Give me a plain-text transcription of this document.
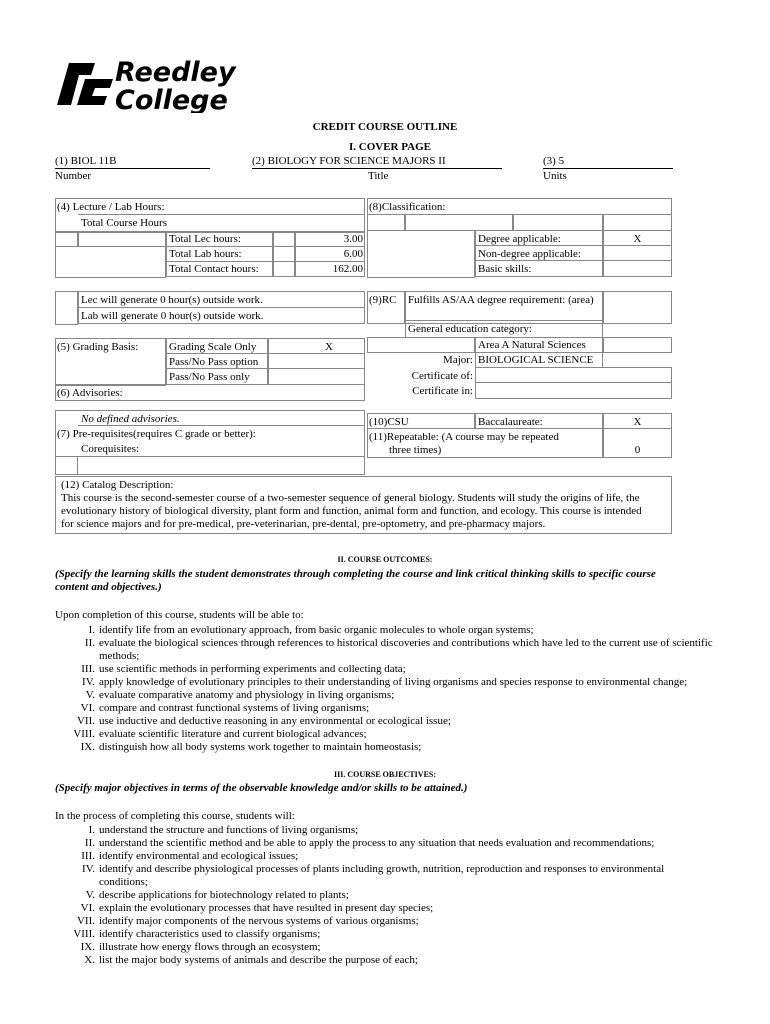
Reedley
College
CREDIT COURSE OUTLINE
I. COVER PAGE
(1) BIOL 11B	(2) BIOLOGY FOR SCIENCE MAJORS II	(3) 5
Number	Title	Units
(4) Lecture / Lab Hours:
Total Course Hours
Total Lec hours:	3.00
Total Lab hours:	6.00
Total Contact hours:	162.00
Lec will generate 0 hour(s) outside work.
Lab will generate 0 hour(s) outside work.
(5) Grading Basis:	Grading Scale Only	X
Pass/No Pass option
Pass/No Pass only
(6) Advisories:
No defined advisories.
(7) Pre-requisites(requires C grade or better):
Corequisites:
(8)Classification:
Degree applicable:	X
Non-degree applicable:
Basic skills:
(9)RC Fulfills AS/AA degree requirement: (area)
General education category:
Area A Natural Sciences
Major: BIOLOGICAL SCIENCE
Certificate of:
Certificate in:
(10)CSU	Baccalaureate:	X
(11)Repeatable: (A course may be repeated
three times)	0
(12) Catalog Description:
This course is the second-semester course of a two-semester sequence of general biology. Students will study the origins of life, the
evolutionary history of biological diversity, plant form and function, animal form and function, and ecology. This course is intended
for science majors and for pre-medical, pre-veterinarian, pre-dental, pre-optometry, and pre-pharmacy majors.
II. COURSE OUTCOMES:
(Specify the learning skills the student demonstrates through completing the course and link critical thinking skills to specific course
content and objectives.)
Upon completion of this course, students will be able to:
I. identify life from an evolutionary approach, from basic organic molecules to whole organ systems;
II. evaluate the biological sciences through references to historical discoveries and contributions which have led to the current use of scientific methods;
III. use scientific methods in performing experiments and collecting data;
IV. apply knowledge of evolutionary principles to their understanding of living organisms and species response to environmental change;
V. evaluate comparative anatomy and physiology in living organisms;
VI. compare and contrast functional systems of living organisms;
VII. use inductive and deductive reasoning in any environmental or ecological issue;
VIII. evaluate scientific literature and current biological advances;
IX. distinguish how all body systems work together to maintain homeostasis;
III. COURSE OBJECTIVES:
(Specify major objectives in terms of the observable knowledge and/or skills to be attained.)
In the process of completing this course, students will:
I. understand the structure and functions of living organisms;
II. understand the scientific method and be able to apply the process to any situation that needs evaluation and recommendations;
III. identify environmental and ecological issues;
IV. identify and describe physiological processes of plants including growth, nutrition, reproduction and responses to environmental conditions;
V. describe applications for biotechnology related to plants;
VI. explain the evolutionary processes that have resulted in present day species;
VII. identify major components of the nervous systems of various organisms;
VIII. identify characteristics used to classify organisms;
IX. illustrate how energy flows through an ecosystem;
X. list the major body systems of animals and describe the purpose of each;
